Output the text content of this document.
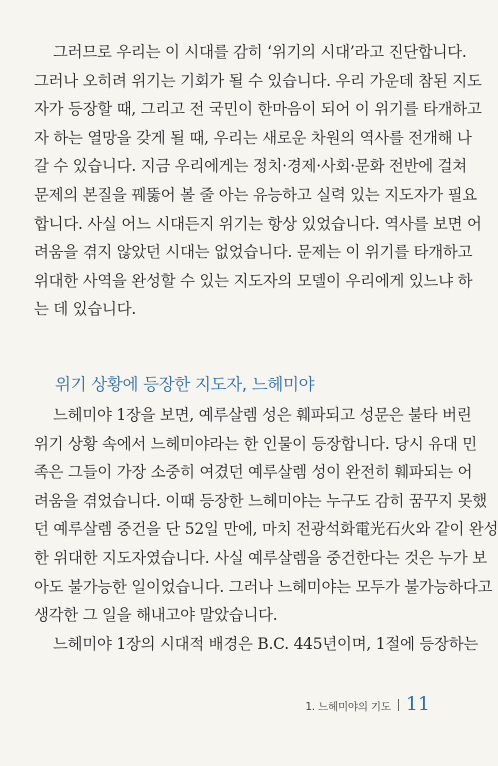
그러므로 우리는 이 시대를 감히 ‘위기의 시대’라고 진단합니다.
그러나 오히려 위기는 기회가 될 수 있습니다. 우리 가운데 참된 지도
자가 등장할 때, 그리고 전 국민이 한마음이 되어 이 위기를 타개하고
자 하는 열망을 갖게 될 때, 우리는 새로운 차원의 역사를 전개해 나
갈 수 있습니다. 지금 우리에게는 정치·경제·사회·문화 전반에 걸쳐
문제의 본질을 꿰뚫어 볼 줄 아는 유능하고 실력 있는 지도자가 필요
합니다. 사실 어느 시대든지 위기는 항상 있었습니다. 역사를 보면 어
려움을 겪지 않았던 시대는 없었습니다. 문제는 이 위기를 타개하고
위대한 사역을 완성할 수 있는 지도자의 모델이 우리에게 있느냐 하
는 데 있습니다.
위기 상황에 등장한 지도자, 느헤미야
느헤미야 1장을 보면, 예루살렘 성은 훼파되고 성문은 불타 버린
위기 상황 속에서 느헤미야라는 한 인물이 등장합니다. 당시 유대 민
족은 그들이 가장 소중히 여겼던 예루살렘 성이 완전히 훼파되는 어
려움을 겪었습니다. 이때 등장한 느헤미야는 누구도 감히 꿈꾸지 못했
던 예루살렘 중건을 단 52일 만에, 마치 전광석화電光石火와 같이 완성
한 위대한 지도자였습니다. 사실 예루살렘을 중건한다는 것은 누가 보
아도 불가능한 일이었습니다. 그러나 느헤미야는 모두가 불가능하다고
생각한 그 일을 해내고야 말았습니다.
느헤미야 1장의 시대적 배경은 B.C. 445년이며, 1절에 등장하는
1. 느헤미야의 기도 11
